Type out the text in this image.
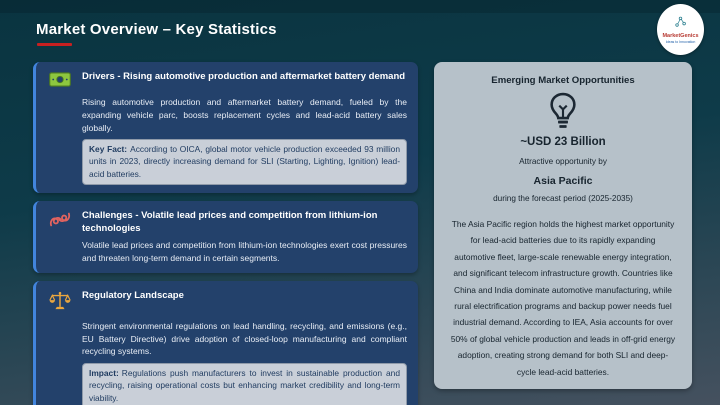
Market Overview – Key Statistics	MarketGenics
Ideas to Innovation
Drivers - Rising automotive production and aftermarket battery demand

Rising automotive production and aftermarket battery demand, fueled by the expanding vehicle parc, boosts replacement cycles and lead-acid battery sales globally.

Key Fact: According to OICA, global motor vehicle production exceeded 93 million units in 2023, directly increasing demand for SLI (Starting, Lighting, Ignition) lead-acid batteries.
Challenges - Volatile lead prices and competition from lithium-ion technologies

Volatile lead prices and competition from lithium-ion technologies exert cost pressures and threaten long-term demand in certain segments.

Regulatory Landscape

Stringent environmental regulations on lead handling, recycling, and emissions (e.g., EU Battery Directive) drive adoption of closed-loop manufacturing and compliant recycling systems.

Impact: Regulations push manufacturers to invest in sustainable production and recycling, raising operational costs but enhancing market credibility and long-term viability.
Emerging Market Opportunities
~USD 23 Billion
Attractive opportunity by
Asia Pacific
during the forecast period (2025-2035)

The Asia Pacific region holds the highest market opportunity for lead-acid batteries due to its rapidly expanding automotive fleet, large-scale renewable energy integration, and significant telecom infrastructure growth. Countries like China and India dominate automotive manufacturing, while rural electrification programs and backup power needs fuel industrial demand. According to IEA, Asia accounts for over 50% of global vehicle production and leads in off-grid energy adoption, creating strong demand for both SLI and deep-cycle lead-acid batteries.
